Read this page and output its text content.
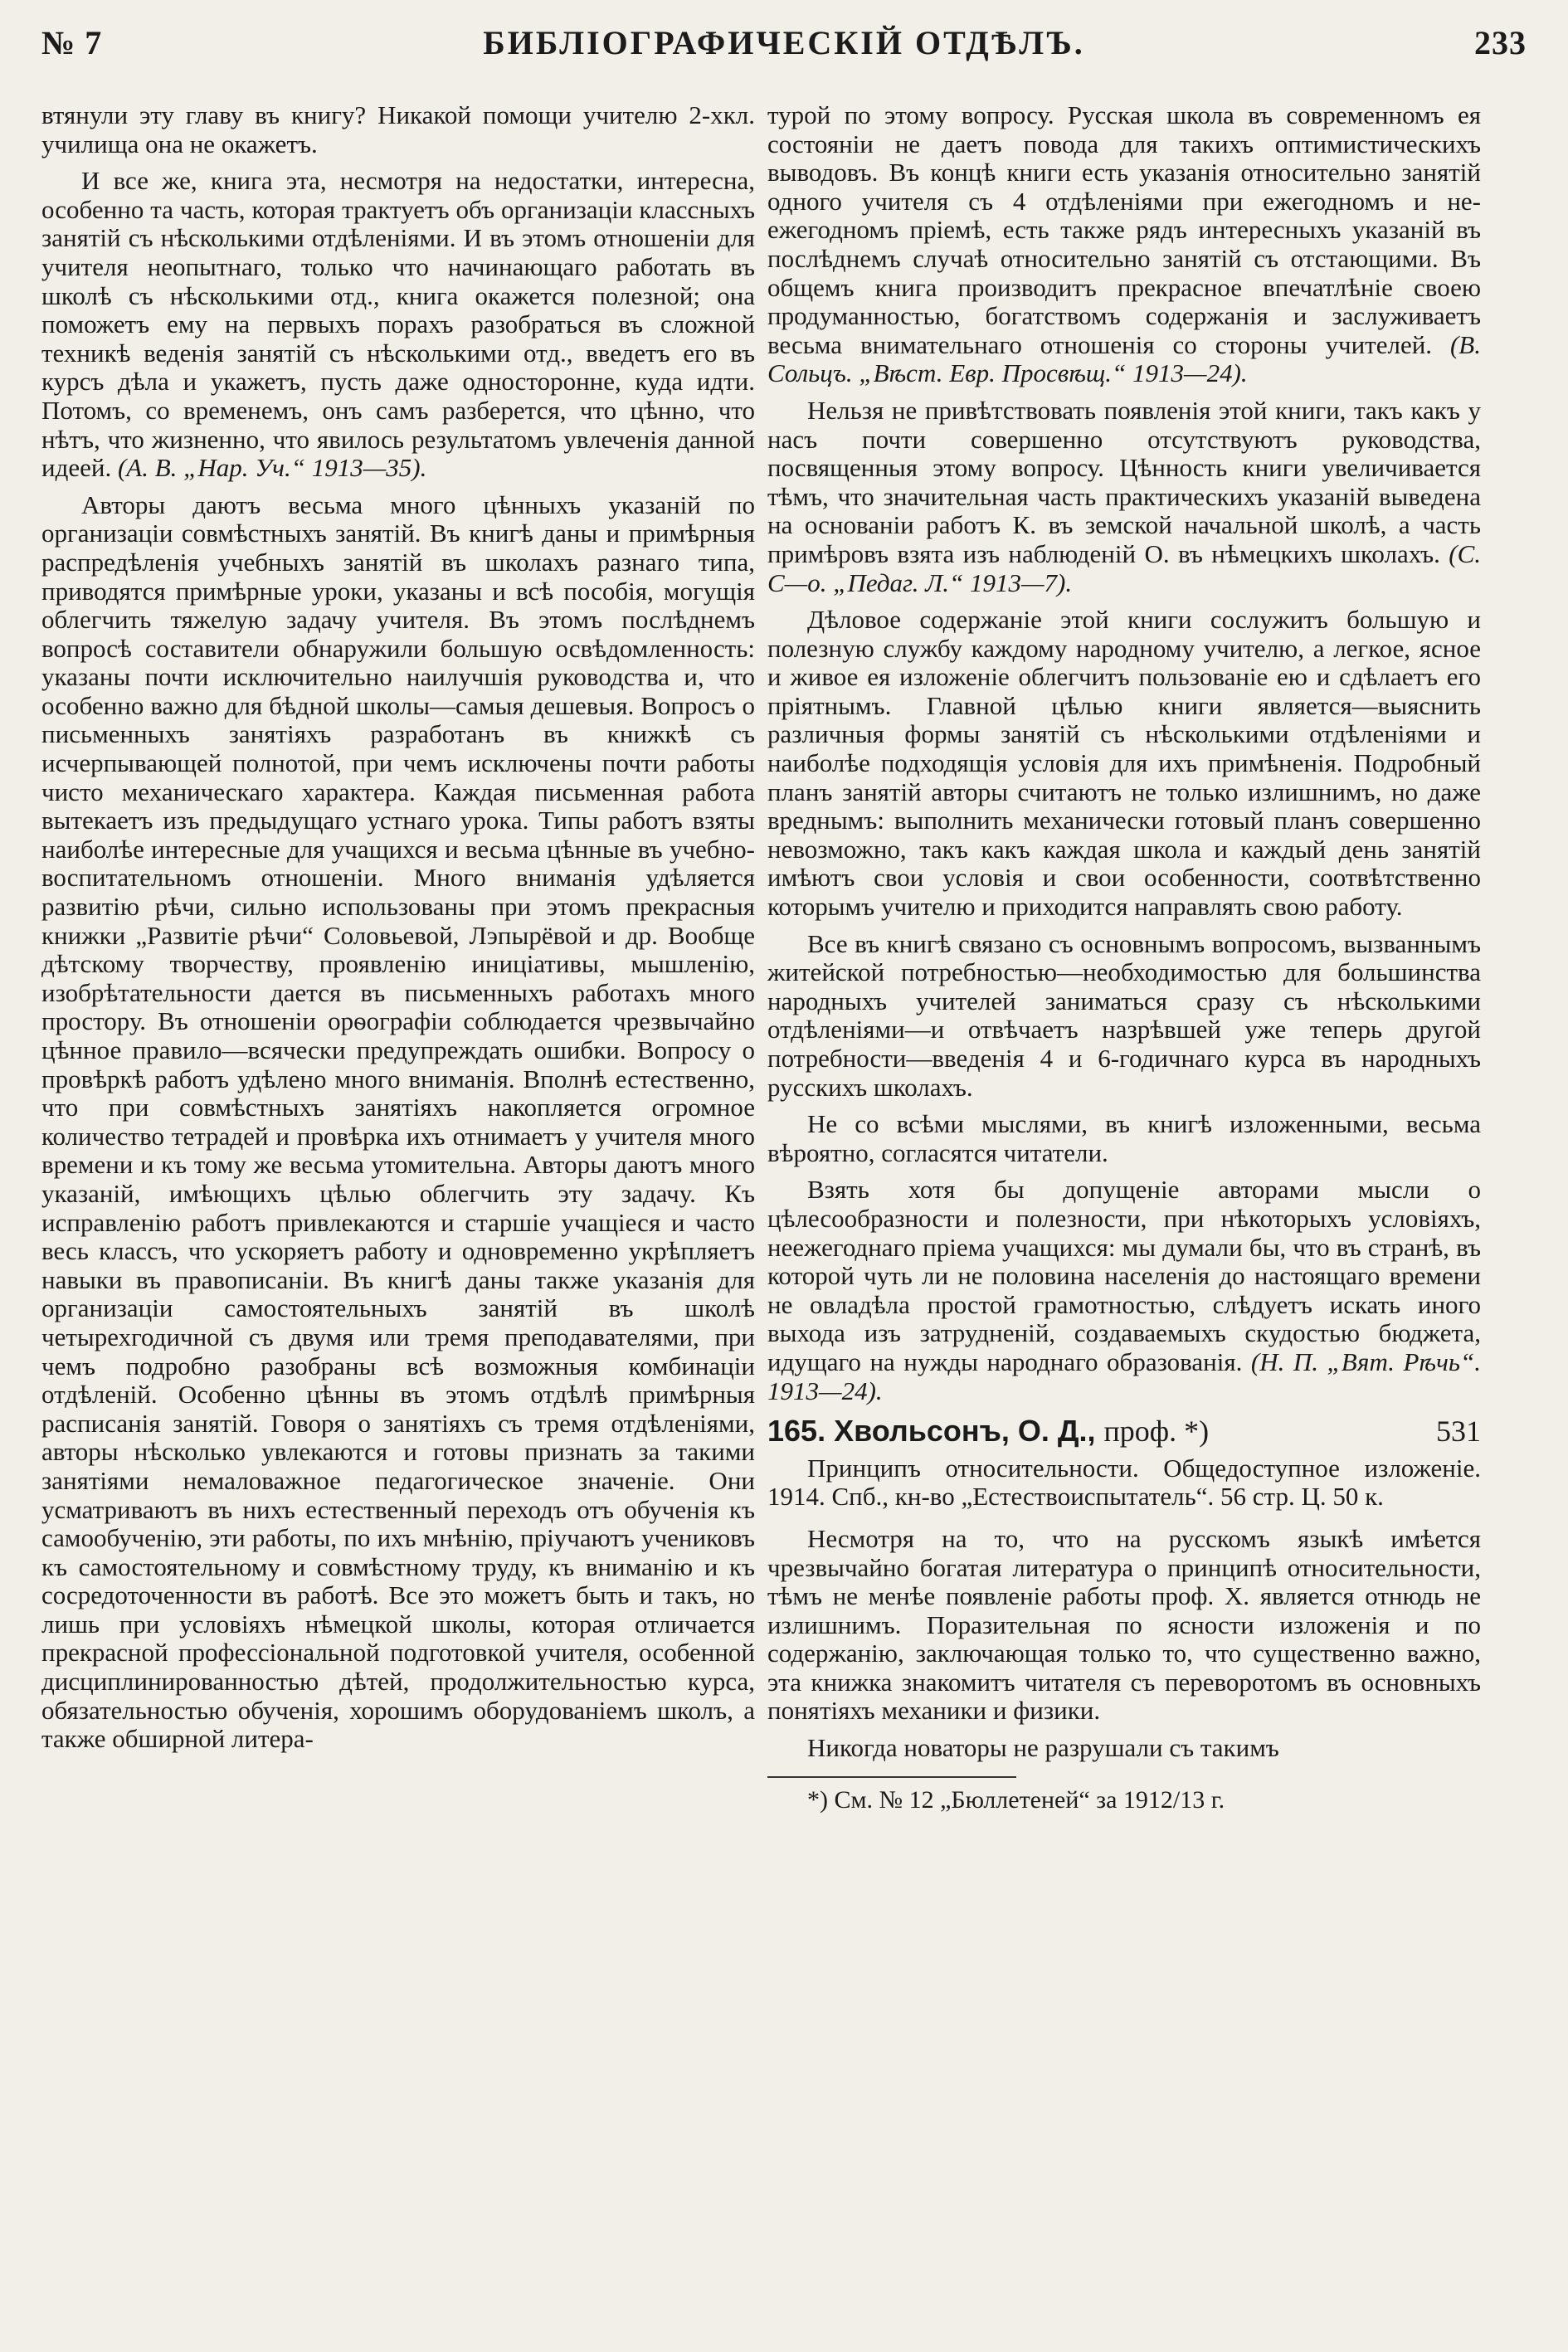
№ 7	БИБЛIОГРАФИЧЕСКIЙ ОТДѢЛЪ.	233

втянули эту главу въ книгу? Никакой помощи учителю 2-хкл. училища она не окажетъ.

И все же, книга эта, несмотря на недостатки, интересна, особенно та часть, которая трактуетъ объ организацiи классныхъ занятiй съ нѣсколькими отдѣленiями. И въ этомъ отношенiи для учителя неопытнаго, только что начинающаго работать въ школѣ съ нѣсколькими отд., книга окажется полезной; она поможетъ ему на первыхъ порахъ разобраться въ сложной техникѣ веденiя занятiй съ нѣсколькими отд., введетъ его въ курсъ дѣла и укажетъ, пусть даже односторонне, куда идти. Потомъ, со временемъ, онъ самъ разберется, что цѣнно, что нѣтъ, что жизненно, что явилось результатомъ увлеченiя данной идеей. (А. В. „Нар. Уч.“ 1913—35).

Авторы даютъ весьма много цѣнныхъ указанiй по организацiи совмѣстныхъ занятiй. Въ книгѣ даны и примѣрныя распредѣленiя учебныхъ занятiй въ школахъ разнаго типа, приводятся примѣрные уроки, указаны и всѣ пособiя, могущiя облегчить тяжелую задачу учителя. Въ этомъ послѣднемъ вопросѣ составители обнаружили большую освѣдомленность: указаны почти исключительно наилучшiя руководства и, что особенно важно для бѣдной школы—самыя дешевыя. Вопросъ о письменныхъ занятiяхъ разработанъ въ книжкѣ съ исчерпывающей полнотой, при чемъ исключены почти работы чисто механическаго характера. Каждая письменная работа вытекаетъ изъ предыдущаго устнаго урока. Типы работъ взяты наиболѣе интересные для учащихся и весьма цѣнные въ учебно-воспитательномъ отношенiи. Много вниманiя удѣляется развитiю рѣчи, сильно использованы при этомъ прекрасныя книжки „Развитiе рѣчи“ Соловьевой, Лэпырёвой и др. Вообще дѣтскому творчеству, проявленiю иницiативы, мышленiю, изобрѣтательности дается въ письменныхъ работахъ много простору. Въ отношенiи орѳографiи соблюдается чрезвычайно цѣнное правило—всячески предупреждать ошибки. Вопросу о провѣркѣ работъ удѣлено много вниманiя. Вполнѣ естественно, что при совмѣстныхъ занятiяхъ накопляется огромное количество тетрадей и провѣрка ихъ отнимаетъ у учителя много времени и къ тому же весьма утомительна. Авторы даютъ много указанiй, имѣющихъ цѣлью облегчить эту задачу. Къ исправленiю работъ привлекаются и старшiе учащiеся и часто весь классъ, что ускоряетъ работу и одновременно укрѣпляетъ навыки въ правописанiи. Въ книгѣ даны также указанiя для организацiи самостоятельныхъ занятiй въ школѣ четырехгодичной съ двумя или тремя преподавателями, при чемъ подробно разобраны всѣ возможныя комбинацiи отдѣленiй. Особенно цѣнны въ этомъ отдѣлѣ примѣрныя расписанiя занятiй. Говоря о занятiяхъ съ тремя отдѣленiями, авторы нѣсколько увлекаются и готовы признать за такими занятiями немаловажное педагогическое значенiе. Они усматриваютъ въ нихъ естественный переходъ отъ обученiя къ самообученiю, эти работы, по ихъ мнѣнiю, прiучаютъ учениковъ къ самостоятельному и совмѣстному труду, къ вниманiю и къ сосредоточенности въ работѣ. Все это можетъ быть и такъ, но лишь при условiяхъ нѣмецкой школы, которая отличается прекрасной профессiональной подготовкой учителя, особенной дисциплинированностью дѣтей, продолжительностью курса, обязательностью обученiя, хорошимъ оборудованiемъ школъ, а также обширной литера-

турой по этому вопросу. Русская школа въ современномъ ея состоянiи не даетъ повода для такихъ оптимистическихъ выводовъ. Въ концѣ книги есть указанiя относительно занятiй одного учителя съ 4 отдѣленiями при ежегодномъ и не-ежегодномъ прiемѣ, есть также рядъ интересныхъ указанiй въ послѣднемъ случаѣ относительно занятiй съ отстающими. Въ общемъ книга производитъ прекрасное впечатлѣнiе своею продуманностью, богатствомъ содержанiя и заслуживаетъ весьма внимательнаго отношенiя со стороны учителей. (В. Сольцъ. „Вѣст. Евр. Просвѣщ.“ 1913—24).

Нельзя не привѣтствовать появленiя этой книги, такъ какъ у насъ почти совершенно отсутствуютъ руководства, посвященныя этому вопросу. Цѣнность книги увеличивается тѣмъ, что значительная часть практическихъ указанiй выведена на основанiи работъ К. въ земской начальной школѣ, а часть примѣровъ взята изъ наблюденiй О. въ нѣмецкихъ школахъ. (С. С—о. „Педаг. Л.“ 1913—7).

Дѣловое содержанiе этой книги сослужитъ большую и полезную службу каждому народному учителю, а легкое, ясное и живое ея изложенiе облегчитъ пользованiе ею и сдѣлаетъ его прiятнымъ. Главной цѣлью книги является—выяснить различныя формы занятiй съ нѣсколькими отдѣленiями и наиболѣе подходящiя условiя для ихъ примѣненiя. Подробный планъ занятiй авторы считаютъ не только излишнимъ, но даже вреднымъ: выполнить механически готовый планъ совершенно невозможно, такъ какъ каждая школа и каждый день занятiй имѣютъ свои условiя и свои особенности, соотвѣтственно которымъ учителю и приходится направлять свою работу.

Все въ книгѣ связано съ основнымъ вопросомъ, вызваннымъ житейской потребностью—необходимостью для большинства народныхъ учителей заниматься сразу съ нѣсколькими отдѣленiями—и отвѣчаетъ назрѣвшей уже теперь другой потребности—введенiя 4 и 6-годичнаго курса въ народныхъ русскихъ школахъ.

Не со всѣми мыслями, въ книгѣ изложенными, весьма вѣроятно, согласятся читатели.

Взять хотя бы допущенiе авторами мысли о цѣлесообразности и полезности, при нѣкоторыхъ условiяхъ, неежегоднаго прiема учащихся: мы думали бы, что въ странѣ, въ которой чуть ли не половина населенiя до настоящаго времени не овладѣла простой грамотностью, слѣдуетъ искать иного выхода изъ затрудненiй, создаваемыхъ скудостью бюджета, идущаго на нужды народнаго образованiя. (Н. П. „Вят. Рѣчь“. 1913—24).

165. Хвольсонъ, О. Д., проф. *)	531

Принципъ относительности. Общедоступное изложенiе. 1914. Спб., кн-во „Естествоиспытатель“. 56 стр. Ц. 50 к.

Несмотря на то, что на русскомъ языкѣ имѣется чрезвычайно богатая литература о принципѣ относительности, тѣмъ не менѣе появленiе работы проф. Х. является отнюдь не излишнимъ. Поразительная по ясности изложенiя и по содержанiю, заключающая только то, что существенно важно, эта книжка знакомитъ читателя съ переворотомъ въ основныхъ понятiяхъ механики и физики.

Никогда новаторы не разрушали съ такимъ

*) См. № 12 „Бюллетеней“ за 1912/13 г.
